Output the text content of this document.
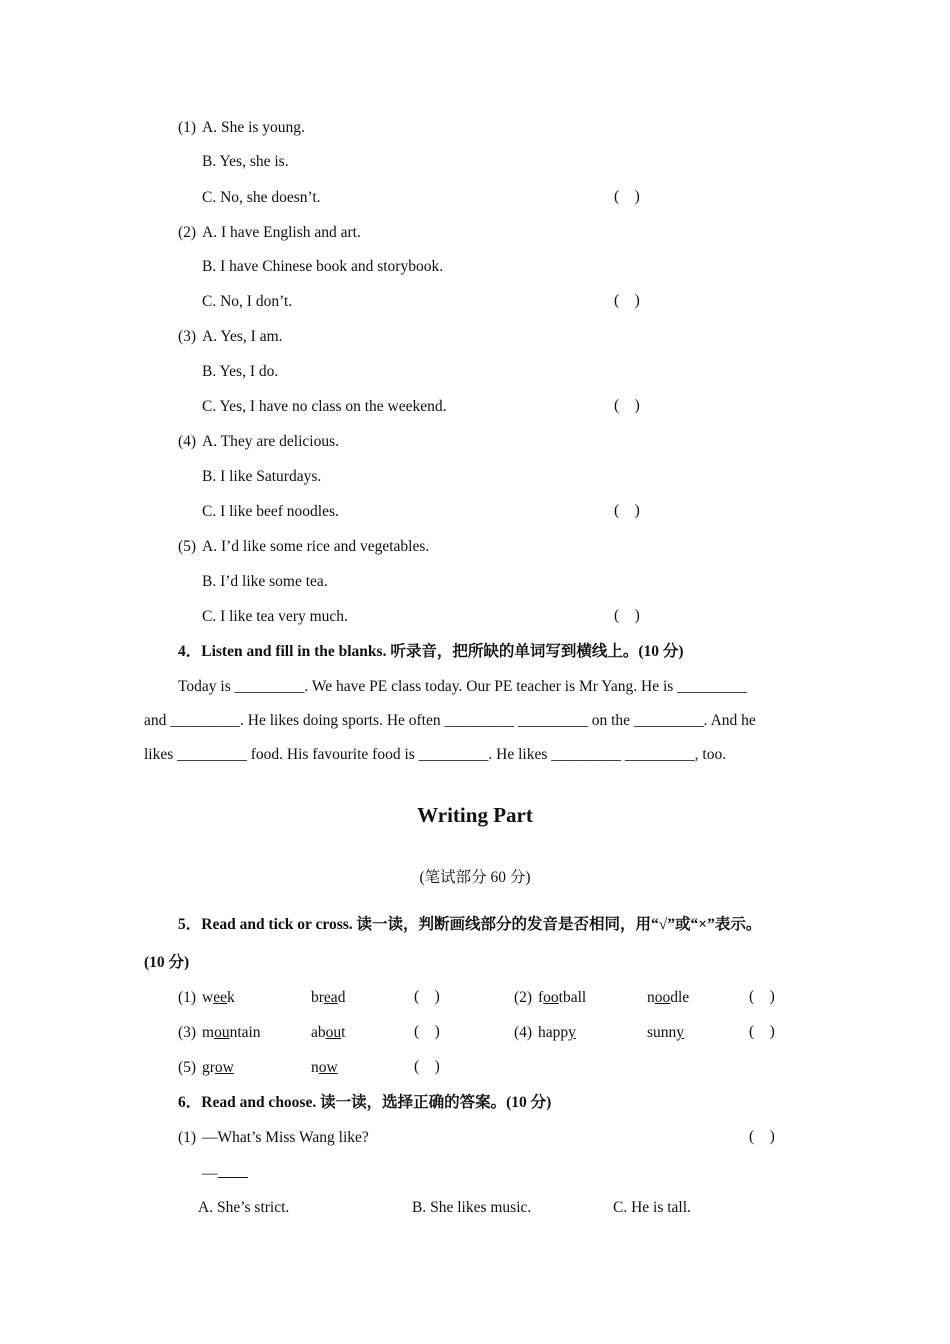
(1) A. She is young.
B. Yes, she is.
C. No, she doesn’t.	(　)
(2) A. I have English and art.
B. I have Chinese book and storybook.
C. No, I don’t.	(　)
(3) A. Yes, I am.
B. Yes, I do.
C. Yes, I have no class on the weekend.	(　)
(4) A. They are delicious.
B. I like Saturdays.
C. I like beef noodles.	(　)
(5) A. I’d like some rice and vegetables.
B. I’d like some tea.
C. I like tea very much.	(　)
4．Listen and fill in the blanks. 听录音，把所缺的单词写到横线上。(10 分)
Today is _________. We have PE class today. Our PE teacher is Mr Yang. He is _________
and _________. He likes doing sports. He often _________ _________ on the _________. And he
likes _________ food. His favourite food is _________. He likes _________ _________, too.
Writing Part
(笔试部分 60 分)
5．Read and tick or cross. 读一读，判断画线部分的发音是否相同，用“√”或“×”表示。
(10 分)
(1) week	bread	(　)	(2) football	noodle	(　)
(3) mountain	about	(　)	(4) happy	sunny	(　)
(5) grow	now	(　)
6．Read and choose. 读一读，选择正确的答案。(10 分)
(1) —What’s Miss Wang like?	(　)
—
A. She’s strict.	B. She likes music.	C. He is tall.
